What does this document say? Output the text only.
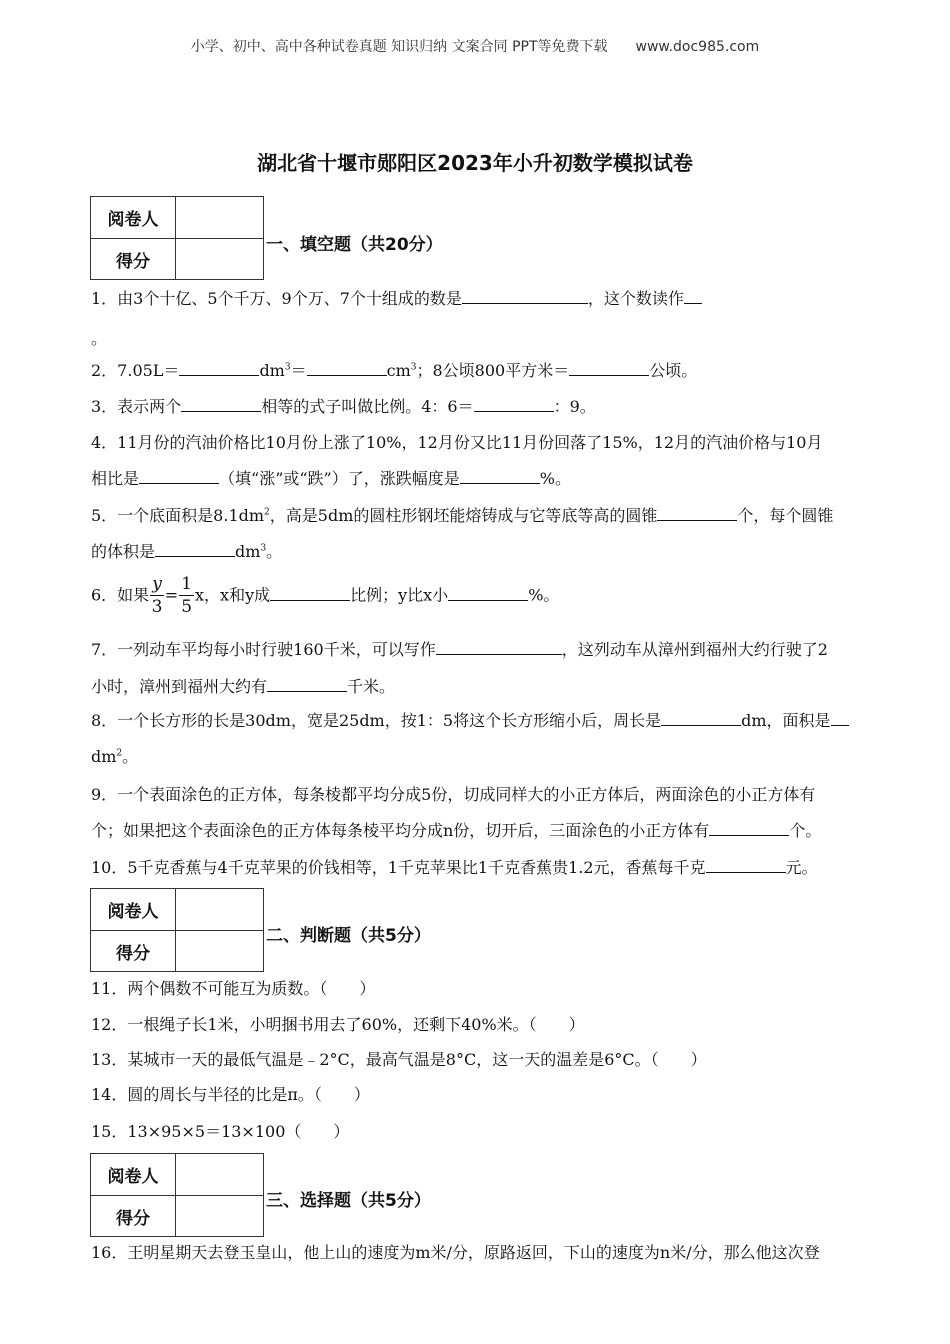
小学、初中、高中各种试卷真题 知识归纳 文案合同 PPT等免费下载 www.doc985.com
湖北省十堰市郧阳区2023年小升初数学模拟试卷
阅卷人
得分
一、填空题（共20分）
1．由3个十亿、5个千万、9个万、7个十组成的数是	，这个数读作
。
2．7.05L＝	$dm^3=$	$cm^3$；8公顷800平方米＝	公顷。
3．表示两个	相等的式子叫做比例。4：6＝	：9。
4．11月份的汽油价格比10月份上涨了10%，12月份又比11月份回落了15%，12月的汽油价格与10月
相比是	（填“涨”或“跌”）了，涨跌幅度是	%。
5．一个底面积是$8.1dm^2$，高是5dm的圆柱形钢坯能熔铸成与它等底等高的圆锥	个，每个圆锥
的体积是	$dm^3$。
6．如果 $\frac{y}{3} = \frac{1}{5}$ x，x和y成	比例；y比x小	%。
7．一列动车平均每小时行驶160千米，可以写作	，这列动车从漳州到福州大约行驶了2
小时，漳州到福州大约有	千米。
8．一个长方形的长是30dm，宽是25dm，按1：5将这个长方形缩小后，周长是	dm，面积是
$dm^2$。
9．一个表面涂色的正方体，每条棱都平均分成5份，切成同样大的小正方体后，两面涂色的小正方体有
个；如果把这个表面涂色的正方体每条棱平均分成n份，切开后，三面涂色的小正方体有	个。
10．5千克香蕉与4千克苹果的价钱相等，1千克苹果比1千克香蕉贵1.2元，香蕉每千克	元。
阅卷人
得分
二、判断题（共5分）
11．两个偶数不可能互为质数。（　　）
12．一根绳子长1米，小明捆书用去了60%，还剩下40%米。（　　）
13．某城市一天的最低气温是﹣2°C，最高气温是8°C，这一天的温差是6°C。（　　）
14．圆的周长与半径的比是π。（　　）
15．13×95×5＝13×100（　　）
阅卷人
得分
三、选择题（共5分）
16．王明星期天去登玉皇山，他上山的速度为m米/分，原路返回，下山的速度为n米/分，那么他这次登
